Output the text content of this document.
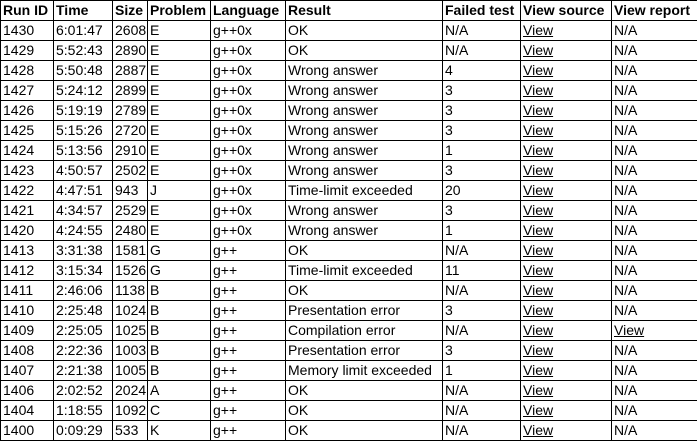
Run ID	Time	Size	Problem	Language	Result	Failed test	View source	View report
1430	6:01:47	2608	E	g++0x	OK	N/A	View	N/A
1429	5:52:43	2890	E	g++0x	OK	N/A	View	N/A
1428	5:50:48	2887	E	g++0x	Wrong answer	4	View	N/A
1427	5:24:12	2899	E	g++0x	Wrong answer	3	View	N/A
1426	5:19:19	2789	E	g++0x	Wrong answer	3	View	N/A
1425	5:15:26	2720	E	g++0x	Wrong answer	3	View	N/A
1424	5:13:56	2910	E	g++0x	Wrong answer	1	View	N/A
1423	4:50:57	2502	E	g++0x	Wrong answer	3	View	N/A
1422	4:47:51	943	J	g++0x	Time-limit exceeded	20	View	N/A
1421	4:34:57	2529	E	g++0x	Wrong answer	3	View	N/A
1420	4:24:55	2480	E	g++0x	Wrong answer	1	View	N/A
1413	3:31:38	1581	G	g++	OK	N/A	View	N/A
1412	3:15:34	1526	G	g++	Time-limit exceeded	11	View	N/A
1411	2:46:06	1138	B	g++	OK	N/A	View	N/A
1410	2:25:48	1024	B	g++	Presentation error	3	View	N/A
1409	2:25:05	1025	B	g++	Compilation error	N/A	View	View
1408	2:22:36	1003	B	g++	Presentation error	3	View	N/A
1407	2:21:38	1005	B	g++	Memory limit exceeded	1	View	N/A
1406	2:02:52	2024	A	g++	OK	N/A	View	N/A
1404	1:18:55	1092	C	g++	OK	N/A	View	N/A
1400	0:09:29	533	K	g++	OK	N/A	View	N/A
